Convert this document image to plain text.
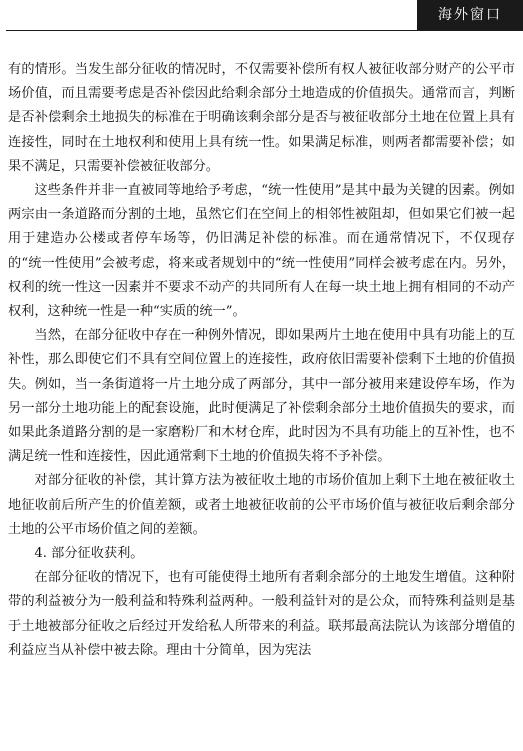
海外窗口

有的情形。当发生部分征收的情况时，不仅需要补偿所有权人被征收部分财产的公平市场价值，而且需要考虑是否补偿因此给剩余部分土地造成的价值损失。通常而言，判断是否补偿剩余土地损失的标准在于明确该剩余部分是否与被征收部分土地在位置上具有连接性，同时在土地权利和使用上具有统一性。如果满足标准，则两者都需要补偿；如果不满足，只需要补偿被征收部分。

这些条件并非一直被同等地给予考虑，“统一性使用”是其中最为关键的因素。例如两宗由一条道路而分割的土地，虽然它们在空间上的相邻性被阻却，但如果它们被一起用于建造办公楼或者停车场等，仍旧满足补偿的标准。而在通常情况下，不仅现存的“统一性使用”会被考虑，将来或者规划中的“统一性使用”同样会被考虑在内。另外，权利的统一性这一因素并不要求不动产的共同所有人在每一块土地上拥有相同的不动产权利，这种统一性是一种“实质的统一”。

当然，在部分征收中存在一种例外情况，即如果两片土地在使用中具有功能上的互补性，那么即使它们不具有空间位置上的连接性，政府依旧需要补偿剩下土地的价值损失。例如，当一条街道将一片土地分成了两部分，其中一部分被用来建设停车场，作为另一部分土地功能上的配套设施，此时便满足了补偿剩余部分土地价值损失的要求，而如果此条道路分割的是一家磨粉厂和木材仓库，此时因为不具有功能上的互补性，也不满足统一性和连接性，因此通常剩下土地的价值损失将不予补偿。

对部分征收的补偿，其计算方法为被征收土地的市场价值加上剩下土地在被征收土地征收前后所产生的价值差额，或者土地被征收前的公平市场价值与被征收后剩余部分土地的公平市场价值之间的差额。

4. 部分征收获利。

在部分征收的情况下，也有可能使得土地所有者剩余部分的土地发生增值。这种附带的利益被分为一般利益和特殊利益两种。一般利益针对的是公众，而特殊利益则是基于土地被部分征收之后经过开发给私人所带来的利益。联邦最高法院认为该部分增值的利益应当从补偿中被去除。理由十分简单，因为宪法
